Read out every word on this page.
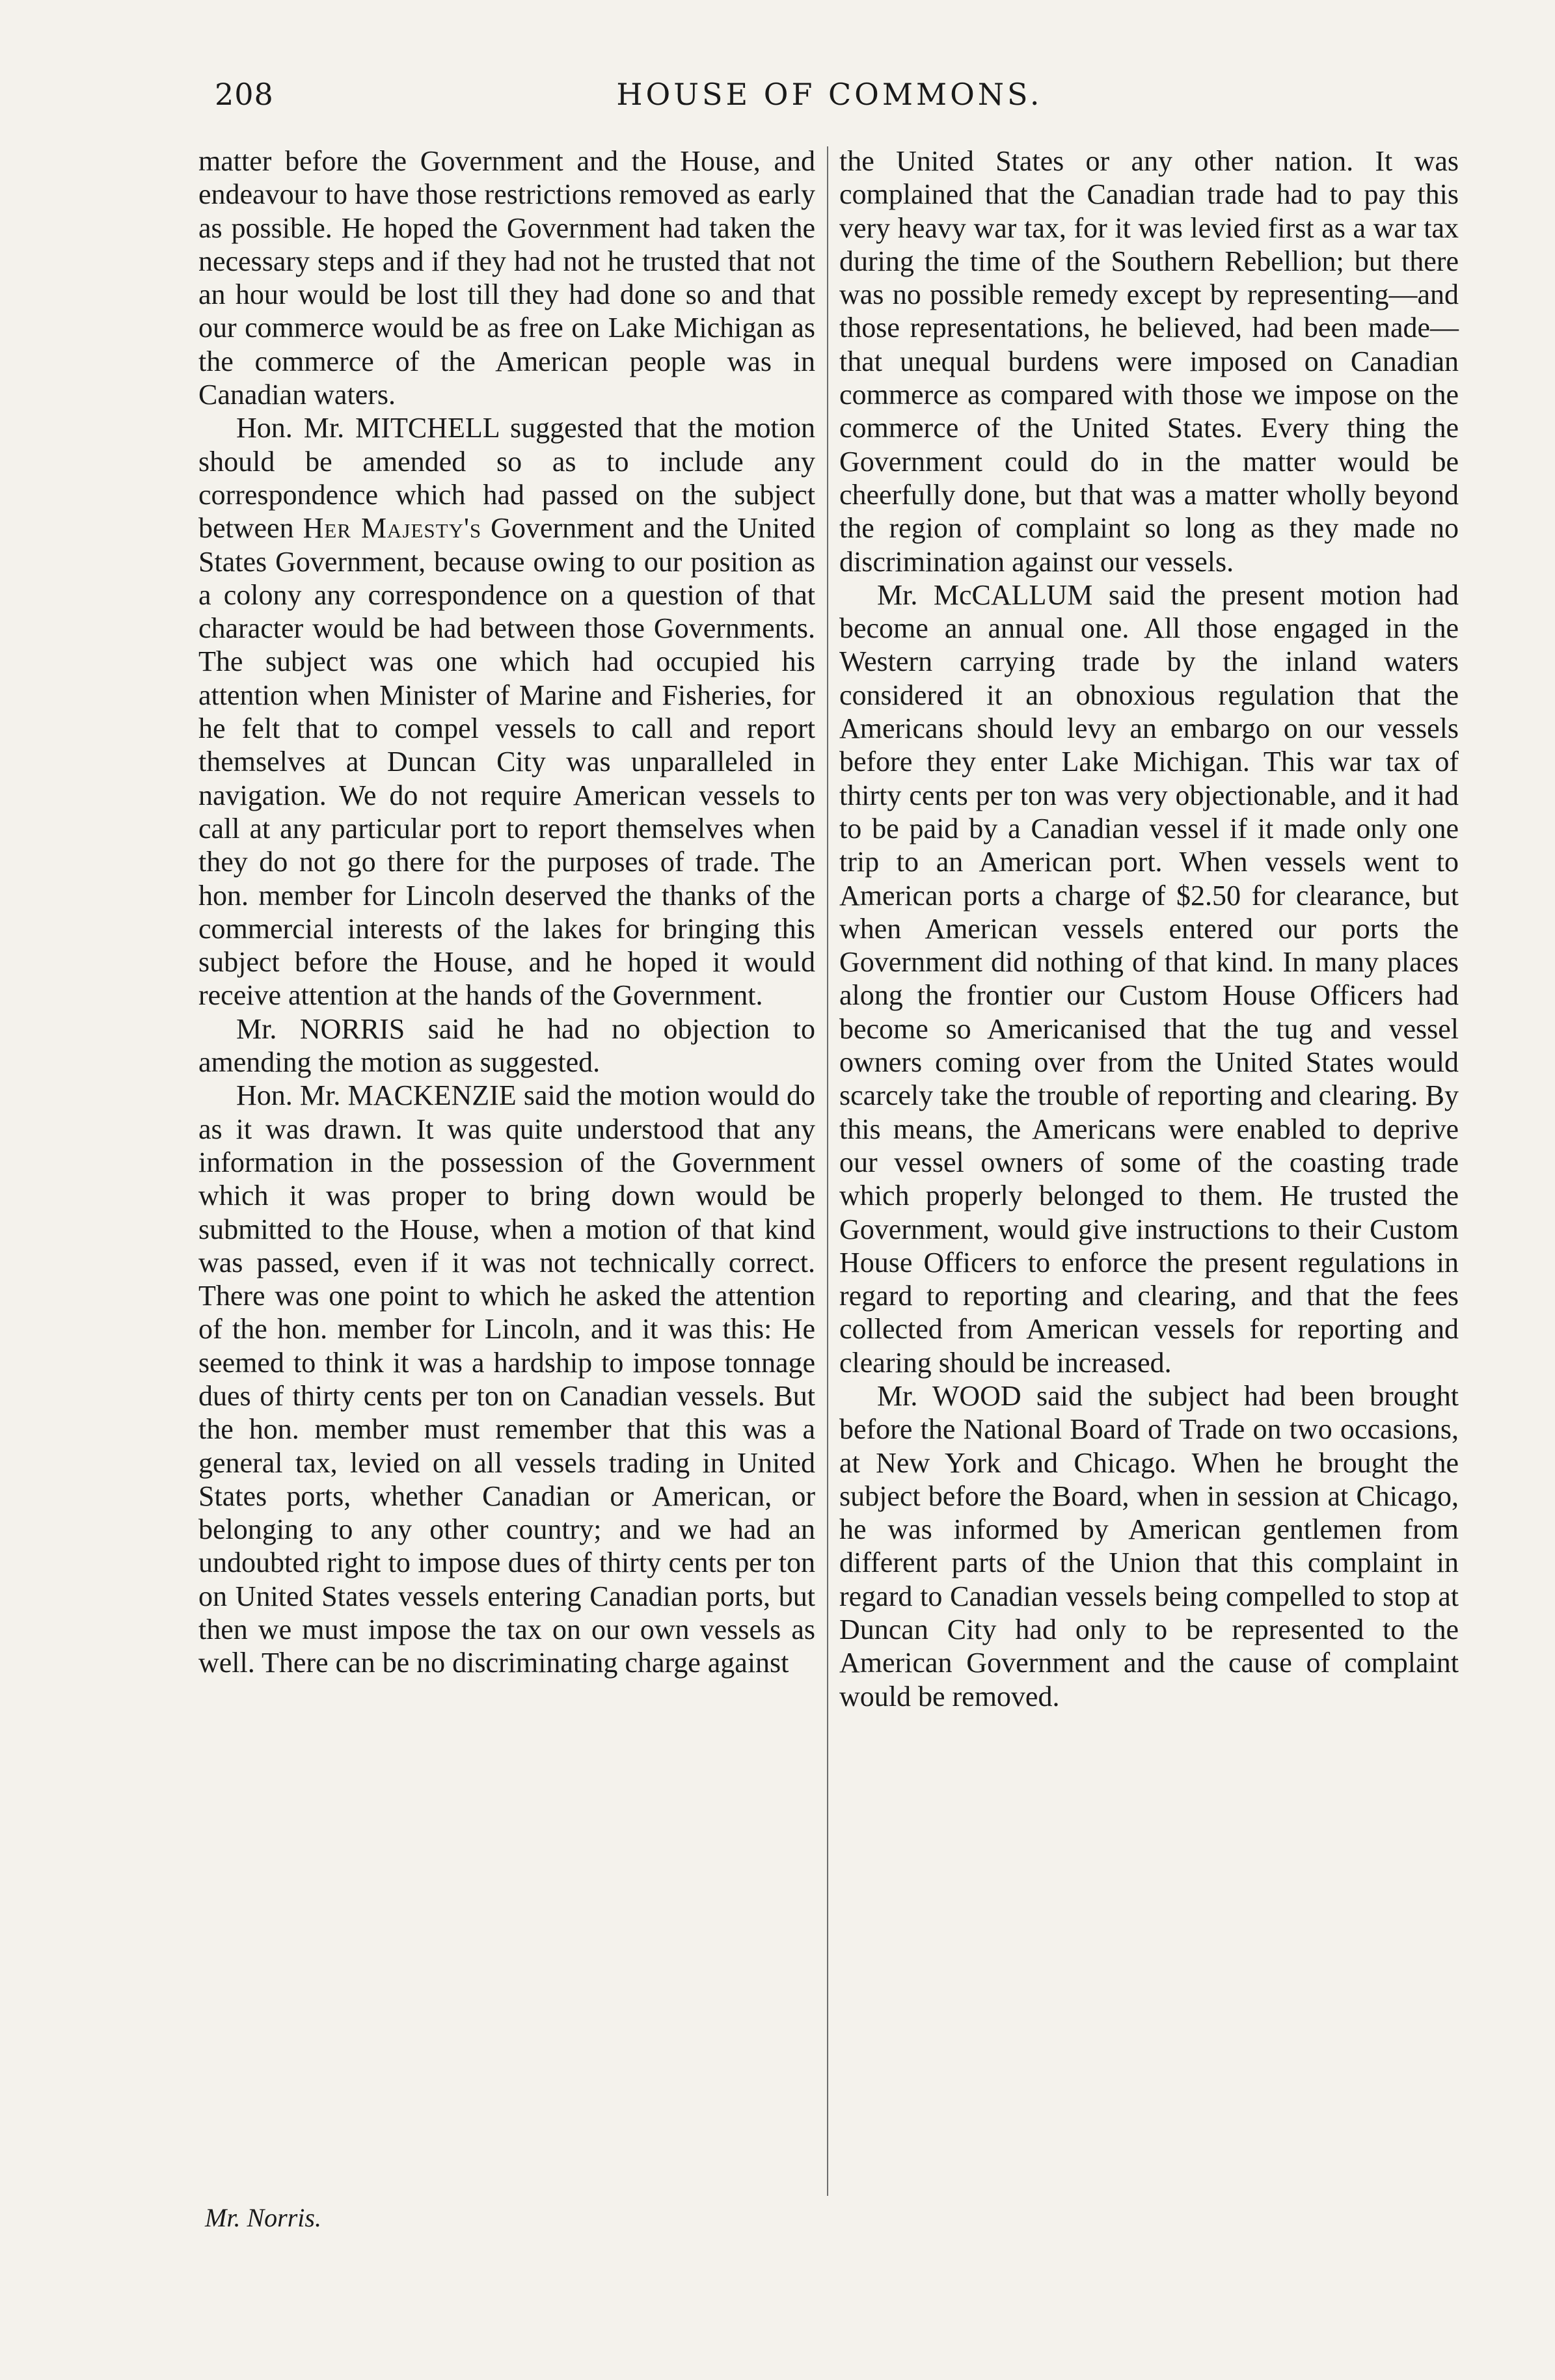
208	HOUSE OF COMMONS.

matter before the Government and the House, and endeavour to have those restrictions removed as early as possible. He hoped the Government had taken the necessary steps and if they had not he trusted that not an hour would be lost till they had done so and that our commerce would be as free on Lake Michigan as the commerce of the American people was in Canadian waters.

Hon. Mr. MITCHELL suggested that the motion should be amended so as to include any correspondence which had passed on the subject between Her Majesty's Government and the United States Government, because owing to our position as a colony any correspondence on a question of that character would be had between those Governments. The subject was one which had occupied his attention when Minister of Marine and Fisheries, for he felt that to compel vessels to call and report themselves at Duncan City was unparalleled in navigation. We do not require American vessels to call at any particular port to report themselves when they do not go there for the purposes of trade. The hon. member for Lincoln deserved the thanks of the commercial interests of the lakes for bringing this subject before the House, and he hoped it would receive attention at the hands of the Government.

Mr. NORRIS said he had no objection to amending the motion as suggested.

Hon. Mr. MACKENZIE said the motion would do as it was drawn. It was quite understood that any information in the possession of the Government which it was proper to bring down would be submitted to the House, when a motion of that kind was passed, even if it was not technically correct. There was one point to which he asked the attention of the hon. member for Lincoln, and it was this: He seemed to think it was a hardship to impose tonnage dues of thirty cents per ton on Canadian vessels. But the hon. member must remember that this was a general tax, levied on all vessels trading in United States ports, whether Canadian or American, or belonging to any other country; and we had an undoubted right to impose dues of thirty cents per ton on United States vessels entering Canadian ports, but then we must impose the tax on our own vessels as well. There can be no discriminating charge against

the United States or any other nation. It was complained that the Canadian trade had to pay this very heavy war tax, for it was levied first as a war tax during the time of the Southern Rebellion; but there was no possible remedy except by representing—and those representations, he believed, had been made—that unequal burdens were imposed on Canadian commerce as compared with those we impose on the commerce of the United States. Every thing the Government could do in the matter would be cheerfully done, but that was a matter wholly beyond the region of complaint so long as they made no discrimination against our vessels.

Mr. McCALLUM said the present motion had become an annual one. All those engaged in the Western carrying trade by the inland waters considered it an obnoxious regulation that the Americans should levy an embargo on our vessels before they enter Lake Michigan. This war tax of thirty cents per ton was very objectionable, and it had to be paid by a Canadian vessel if it made only one trip to an American port. When vessels went to American ports a charge of $2.50 for clearance, but when American vessels entered our ports the Government did nothing of that kind. In many places along the frontier our Custom House Officers had become so Americanised that the tug and vessel owners coming over from the United States would scarcely take the trouble of reporting and clearing. By this means, the Americans were enabled to deprive our vessel owners of some of the coasting trade which properly belonged to them. He trusted the Government, would give instructions to their Custom House Officers to enforce the present regulations in regard to reporting and clearing, and that the fees collected from American vessels for reporting and clearing should be increased.

Mr. WOOD said the subject had been brought before the National Board of Trade on two occasions, at New York and Chicago. When he brought the subject before the Board, when in session at Chicago, he was informed by American gentlemen from different parts of the Union that this complaint in regard to Canadian vessels being compelled to stop at Duncan City had only to be represented to the American Government and the cause of complaint would be removed.

Mr. Norris.
